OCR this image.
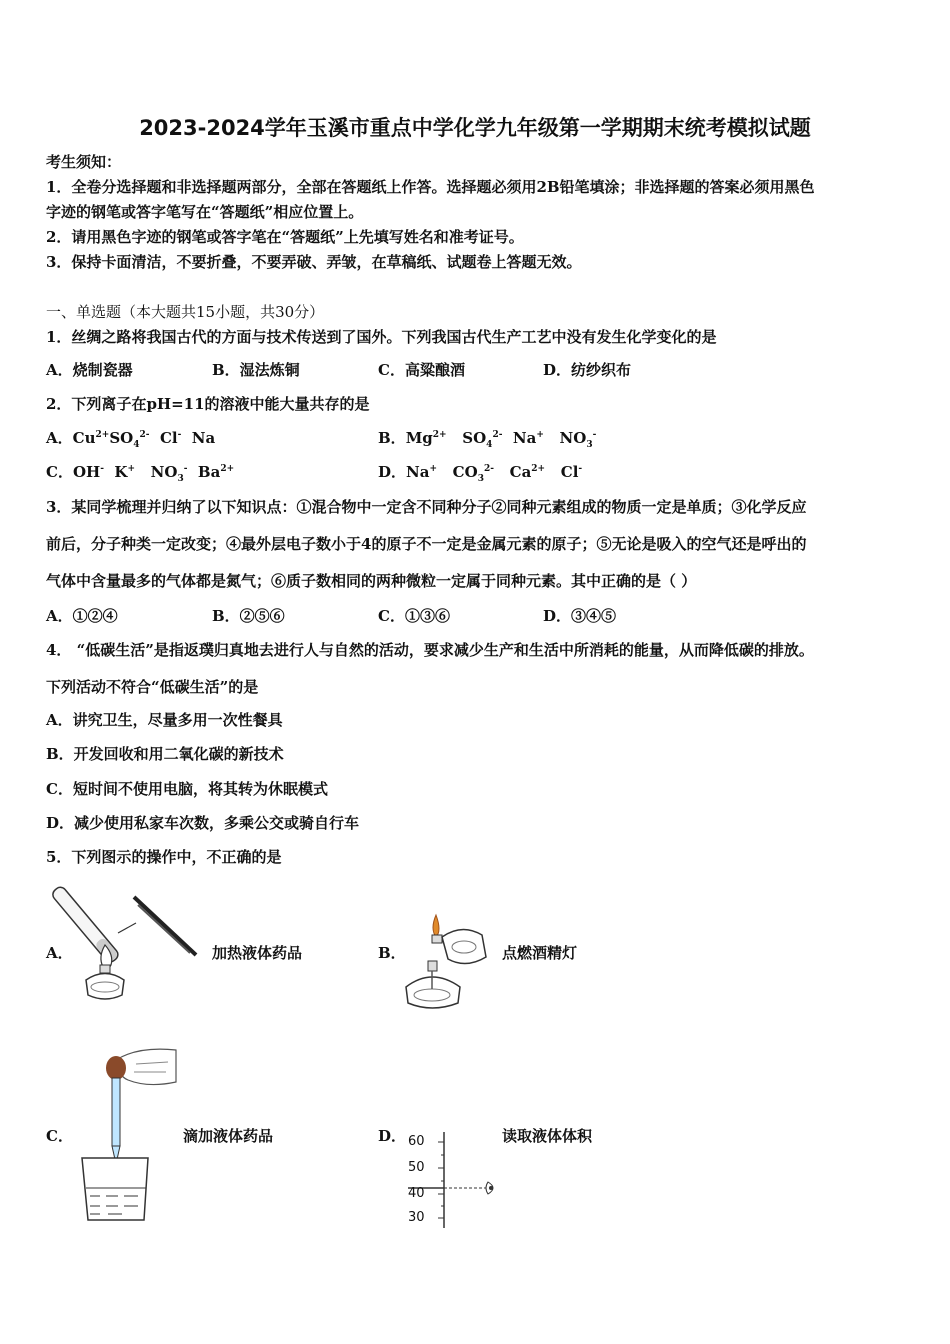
2023-2024学年玉溪市重点中学化学九年级第一学期期末统考模拟试题
考生须知：
1．全卷分选择题和非选择题两部分，全部在答题纸上作答。选择题必须用2B铅笔填涂；非选择题的答案必须用黑色
字迹的钢笔或答字笔写在“答题纸”相应位置上。
2．请用黑色字迹的钢笔或答字笔在“答题纸”上先填写姓名和准考证号。
3．保持卡面清洁，不要折叠，不要弄破、弄皱，在草稿纸、试题卷上答题无效。
一、单选题（本大题共15小题，共30分）
1．丝绸之路将我国古代的方面与技术传送到了国外。下列我国古代生产工艺中没有发生化学变化的是
A．烧制瓷器	B．湿法炼铜	C．高粱酿酒	D．纺纱织布
2．下列离子在pH=11的溶液中能大量共存的是
A．$Cu^{2+}SO_4^{2-}$ Cl- Na	B．$Mg^{2+}$ $SO_4^{2-}$ Na+ $NO_3^-$
C．OH- K+ $NO_3^-$ $Ba^{2+}$	D．Na+ $CO_3^{2-}$ $Ca^{2+}$ Cl-
3．某同学梳理并归纳了以下知识点：①混合物中一定含不同种分子②同种元素组成的物质一定是单质；③化学反应
前后，分子种类一定改变；④最外层电子数小于4的原子不一定是金属元素的原子；⑤无论是吸入的空气还是呼出的
气体中含量最多的气体都是氮气；⑥质子数相同的两种微粒一定属于同种元素。其中正确的是（ ）
A．①②④	B．②⑤⑥	C．①③⑥	D．③④⑤
4． “低碳生活”是指返璞归真地去进行人与自然的活动，要求减少生产和生活中所消耗的能量，从而降低碳的排放。
下列活动不符合“低碳生活”的是
A．讲究卫生，尽量多用一次性餐具
B．开发回收和用二氧化碳的新技术
C．短时间不使用电脑，将其转为休眠模式
D．减少使用私家车次数，多乘公交或骑自行车
5．下列图示的操作中，不正确的是
A．	加热液体药品	B．	点燃酒精灯
C．	滴加液体药品	D． 60
50
40
30
读取液体体积
